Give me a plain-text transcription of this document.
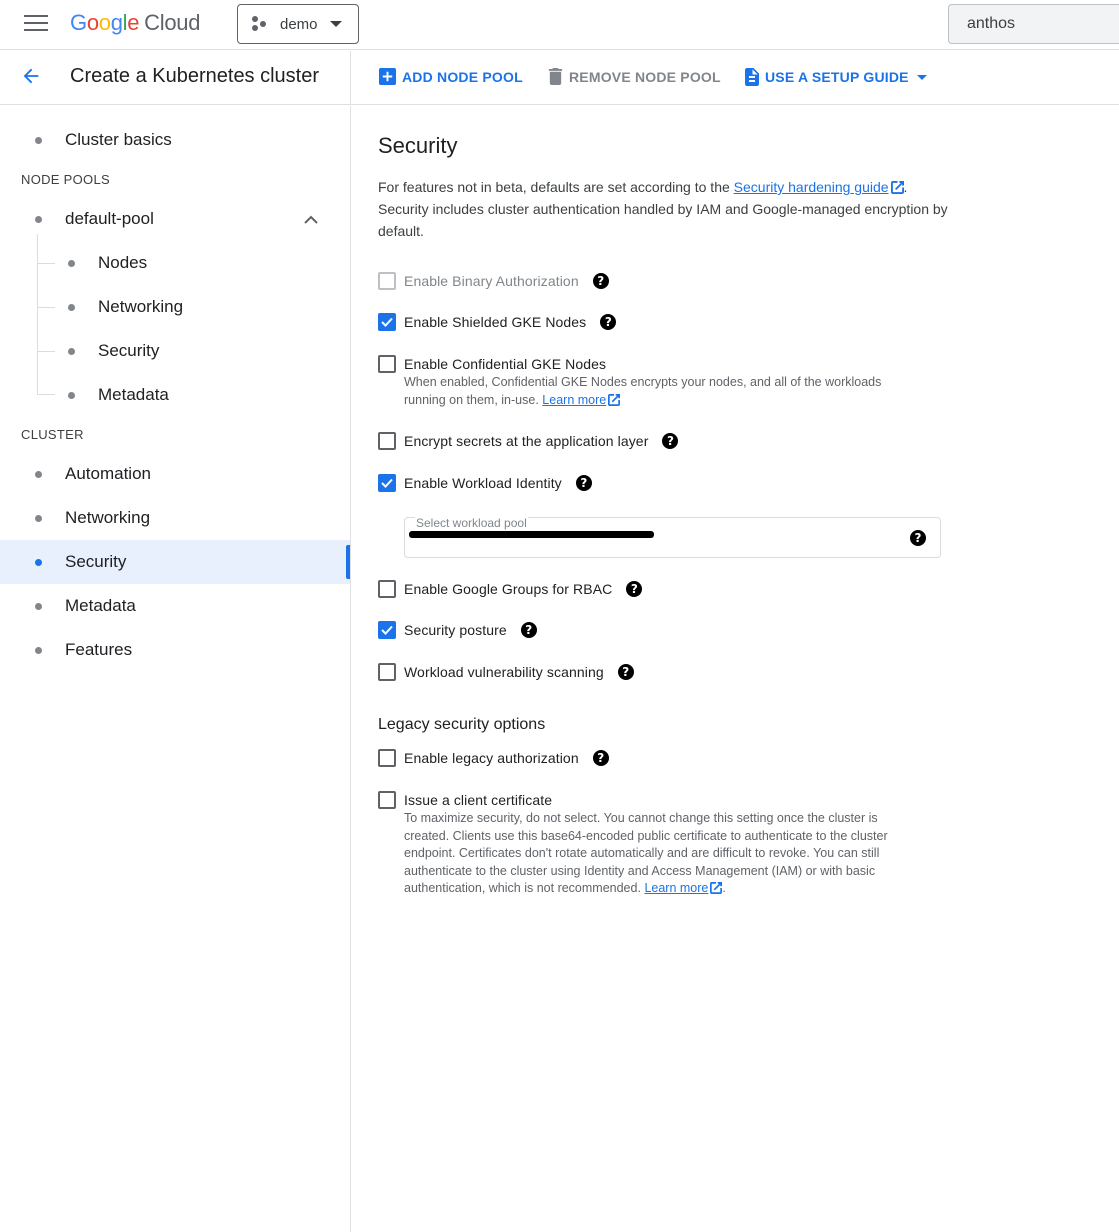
Google Cloud	demo
anthos
Create a Kubernetes cluster	ADD NODE POOL	REMOVE NODE POOL	USE A SETUP GUIDE
Cluster basics
NODE POOLS
default-pool
Nodes
Networking
Security
Metadata
CLUSTER
Automation
Networking
Security
Metadata
Features
Security
For features not in beta, defaults are set according to the Security hardening guide . Security includes cluster authentication handled by IAM and Google-managed encryption by default.
Enable Binary Authorization	?
Enable Shielded GKE Nodes	?
Enable Confidential GKE Nodes
When enabled, Confidential GKE Nodes encrypts your nodes, and all of the workloads running on them, in-use. Learn more
Encrypt secrets at the application layer	?
Enable Workload Identity	?
Select workload pool
?
Enable Google Groups for RBAC	?
Security posture	?
Workload vulnerability scanning	?
Legacy security options
Enable legacy authorization	?
Issue a client certificate
To maximize security, do not select. You cannot change this setting once the cluster is created. Clients use this base64-encoded public certificate to authenticate to the cluster endpoint. Certificates don't rotate automatically and are difficult to revoke. You can still authenticate to the cluster using Identity and Access Management (IAM) or with basic authentication, which is not recommended. Learn more .
